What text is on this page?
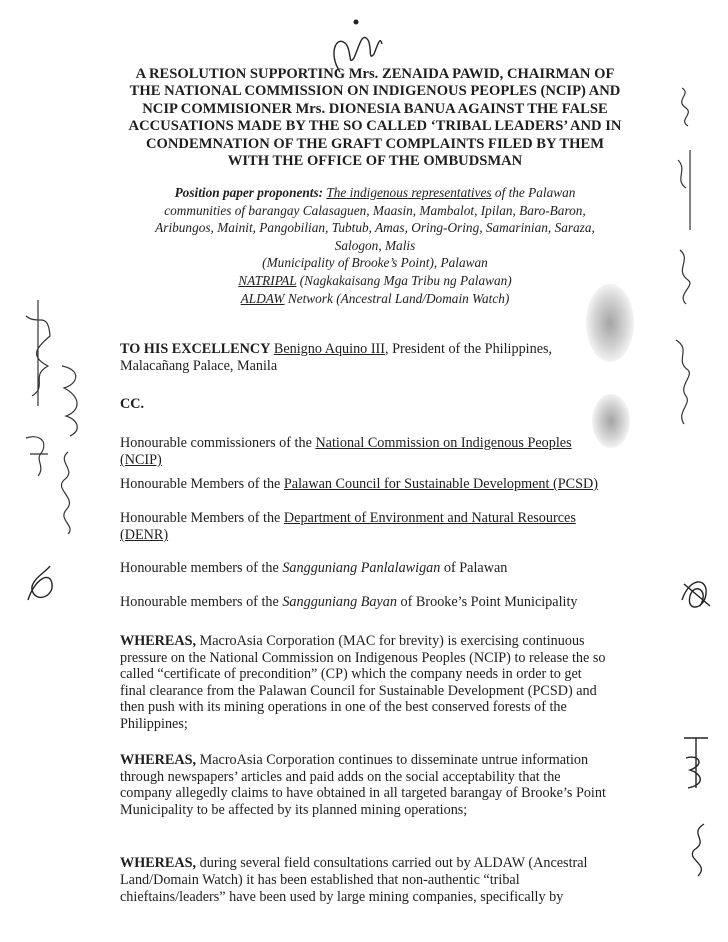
A RESOLUTION SUPPORTING Mrs. ZENAIDA PAWID, CHAIRMAN OF
THE NATIONAL COMMISSION ON INDIGENOUS PEOPLES (NCIP) AND
NCIP COMMISIONER Mrs. DIONESIA BANUA AGAINST THE FALSE
ACCUSATIONS MADE BY THE SO CALLED ‘TRIBAL LEADERS’ AND IN
CONDEMNATION OF THE GRAFT COMPLAINTS FILED BY THEM
WITH THE OFFICE OF THE OMBUDSMAN
Position paper proponents: The indigenous representatives of the Palawan
communities of barangay Calasaguen, Maasin, Mambalot, Ipilan, Baro-Baron,
Aribungos, Mainit, Pangobilian, Tubtub, Amas, Oring-Oring, Samarinian, Saraza,
Salogon, Malis
(Municipality of Brooke’s Point), Palawan
NATRIPAL (Nagkakaisang Mga Tribu ng Palawan)
ALDAW Network (Ancestral Land/Domain Watch)
TO HIS EXCELLENCY Benigno Aquino III, President of the Philippines,
Malacañang Palace, Manila
CC.
Honourable commissioners of the National Commission on Indigenous Peoples
(NCIP)
Honourable Members of the Palawan Council for Sustainable Development (PCSD)
Honourable Members of the Department of Environment and Natural Resources
(DENR)
Honourable members of the Sangguniang Panlalawigan of Palawan
Honourable members of the Sangguniang Bayan of Brooke’s Point Municipality
WHEREAS, MacroAsia Corporation (MAC for brevity) is exercising continuous
pressure on the National Commission on Indigenous Peoples (NCIP) to release the so
called “certificate of precondition” (CP) which the company needs in order to get
final clearance from the Palawan Council for Sustainable Development (PCSD) and
then push with its mining operations in one of the best conserved forests of the
Philippines;
WHEREAS, MacroAsia Corporation continues to disseminate untrue information
through newspapers’ articles and paid adds on the social acceptability that the
company allegedly claims to have obtained in all targeted barangay of Brooke’s Point
Municipality to be affected by its planned mining operations;
WHEREAS, during several field consultations carried out by ALDAW (Ancestral
Land/Domain Watch) it has been established that non-authentic “tribal
chieftains/leaders” have been used by large mining companies, specifically by
